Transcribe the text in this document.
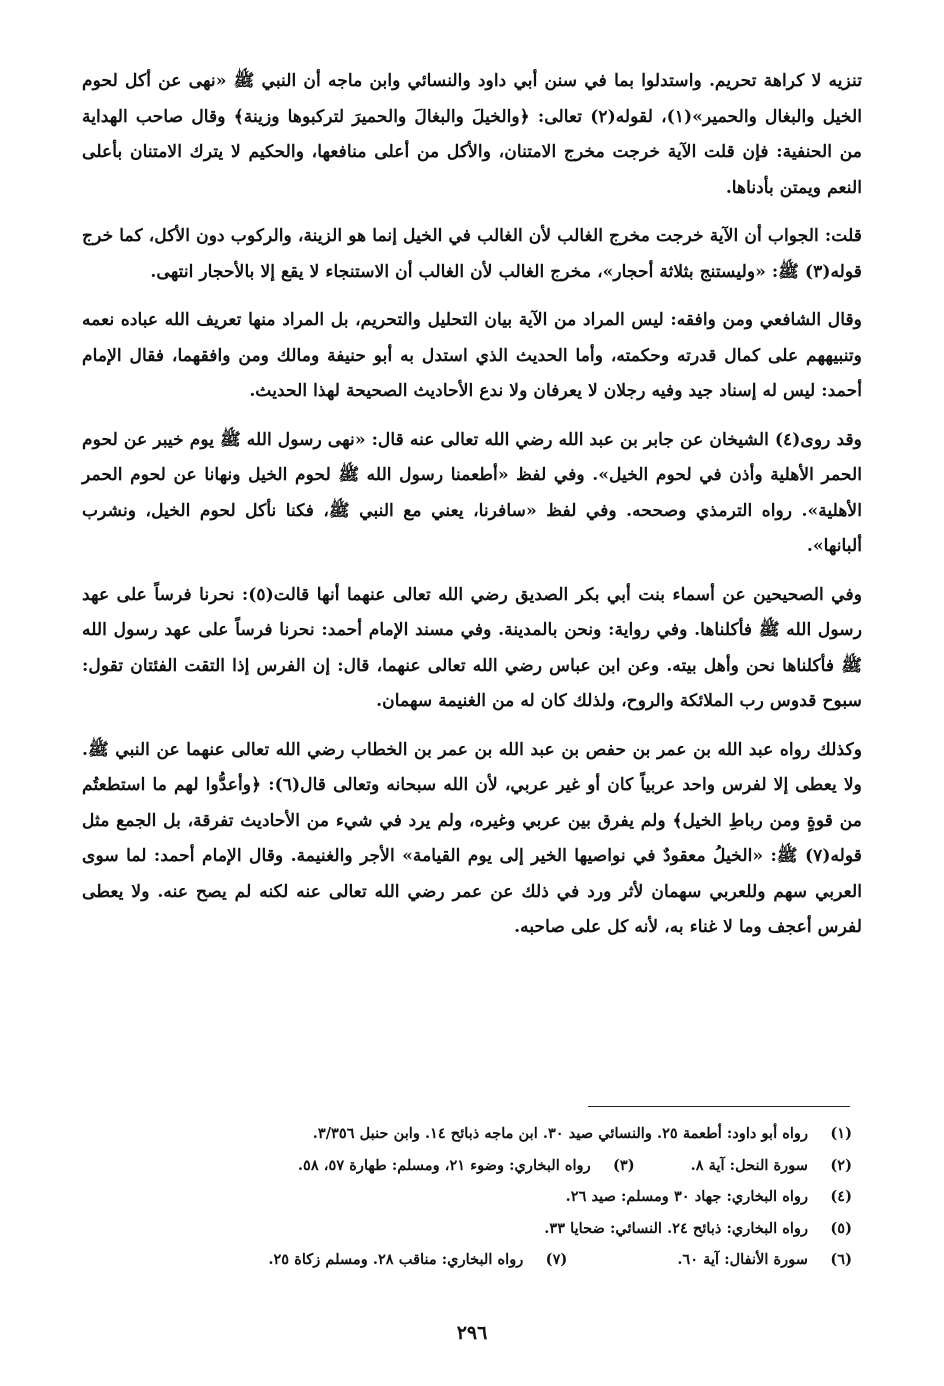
تنزيه لا كراهة تحريم. واستدلوا بما في سنن أبي داود والنسائي وابن ماجه أن النبي ﷺ «نهى عن أكل لحوم الخيل والبغال والحمير»(١)، لقوله(٢) تعالى: ﴿والخيلَ والبغالَ والحميرَ لتركبوها وزينة﴾ وقال صاحب الهداية من الحنفية: فإن قلت الآية خرجت مخرج الامتنان، والأكل من أعلى منافعها، والحكيم لا يترك الامتنان بأعلى النعم ويمتن بأدناها.

قلت: الجواب أن الآية خرجت مخرج الغالب لأن الغالب في الخيل إنما هو الزينة، والركوب دون الأكل، كما خرج قوله(٣) ﷺ: «وليستنج بثلاثة أحجار»، مخرج الغالب لأن الغالب أن الاستنجاء لا يقع إلا بالأحجار انتهى.

وقال الشافعي ومن وافقه: ليس المراد من الآية بيان التحليل والتحريم، بل المراد منها تعريف الله عباده نعمه وتنبيههم على كمال قدرته وحكمته، وأما الحديث الذي استدل به أبو حنيفة ومالك ومن وافقهما، فقال الإمام أحمد: ليس له إسناد جيد وفيه رجلان لا يعرفان ولا ندع الأحاديث الصحيحة لهذا الحديث.

وقد روى(٤) الشيخان عن جابر بن عبد الله رضي الله تعالى عنه قال: «نهى رسول الله ﷺ يوم خيبر عن لحوم الحمر الأهلية وأذن في لحوم الخيل». وفي لفظ «أطعمنا رسول الله ﷺ لحوم الخيل ونهانا عن لحوم الحمر الأهلية». رواه الترمذي وصححه. وفي لفظ «سافرنا، يعني مع النبي ﷺ، فكنا نأكل لحوم الخيل، ونشرب ألبانها».

وفي الصحيحين عن أسماء بنت أبي بكر الصديق رضي الله تعالى عنهما أنها قالت(٥): نحرنا فرساً على عهد رسول الله ﷺ فأكلناها. وفي رواية: ونحن بالمدينة. وفي مسند الإمام أحمد: نحرنا فرساً على عهد رسول الله ﷺ فأكلناها نحن وأهل بيته. وعن ابن عباس رضي الله تعالى عنهما، قال: إن الفرس إذا التقت الفئتان تقول: سبوح قدوس رب الملائكة والروح، ولذلك كان له من الغنيمة سهمان.

وكذلك رواه عبد الله بن عمر بن حفص بن عبد الله بن عمر بن الخطاب رضي الله تعالى عنهما عن النبي ﷺ. ولا يعطى إلا لفرس واحد عربياً كان أو غير عربي، لأن الله سبحانه وتعالى قال(٦): ﴿وأعدُّوا لهم ما استطعتُم من قوةٍ ومن رباطِ الخيل﴾ ولم يفرق بين عربي وغيره، ولم يرد في شيء من الأحاديث تفرقة، بل الجمع مثل قوله(٧) ﷺ: «الخيلُ معقودٌ في نواصيها الخير إلى يوم القيامة» الأجر والغنيمة. وقال الإمام أحمد: لما سوى العربي سهم وللعربي سهمان لأثر ورد في ذلك عن عمر رضي الله تعالى عنه لكنه لم يصح عنه. ولا يعطى لفرس أعجف وما لا غناء به، لأنه كل على صاحبه.

(١)
رواه أبو داود: أطعمة ٢٥. والنسائي صيد ٣٠. ابن ماجه ذبائح ١٤. وابن حنبل ٣/٣٥٦.
(٢)
سورة النحل: آية ٨.
(٣)
رواه البخاري: وضوء ٢١، ومسلم: طهارة ٥٧، ٥٨.
(٤)
رواه البخاري: جهاد ٣٠ ومسلم: صيد ٢٦.
(٥)
رواه البخاري: ذبائح ٢٤. النسائي: ضحايا ٣٣.
(٦)
سورة الأنفال: آية ٦٠.
(٧)
رواه البخاري: مناقب ٢٨. ومسلم زكاة ٢٥.
٢٩٦
